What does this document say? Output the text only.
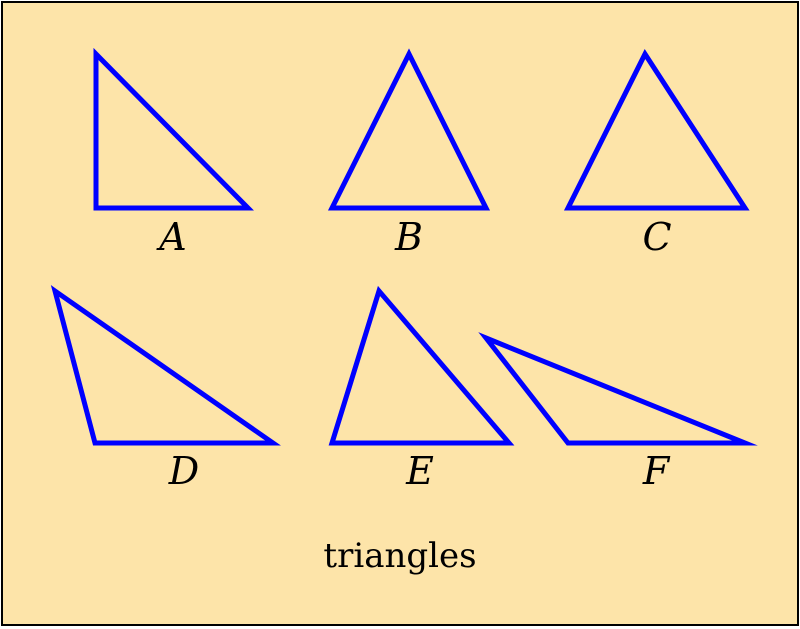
A	B	C
D	E	F
triangles
